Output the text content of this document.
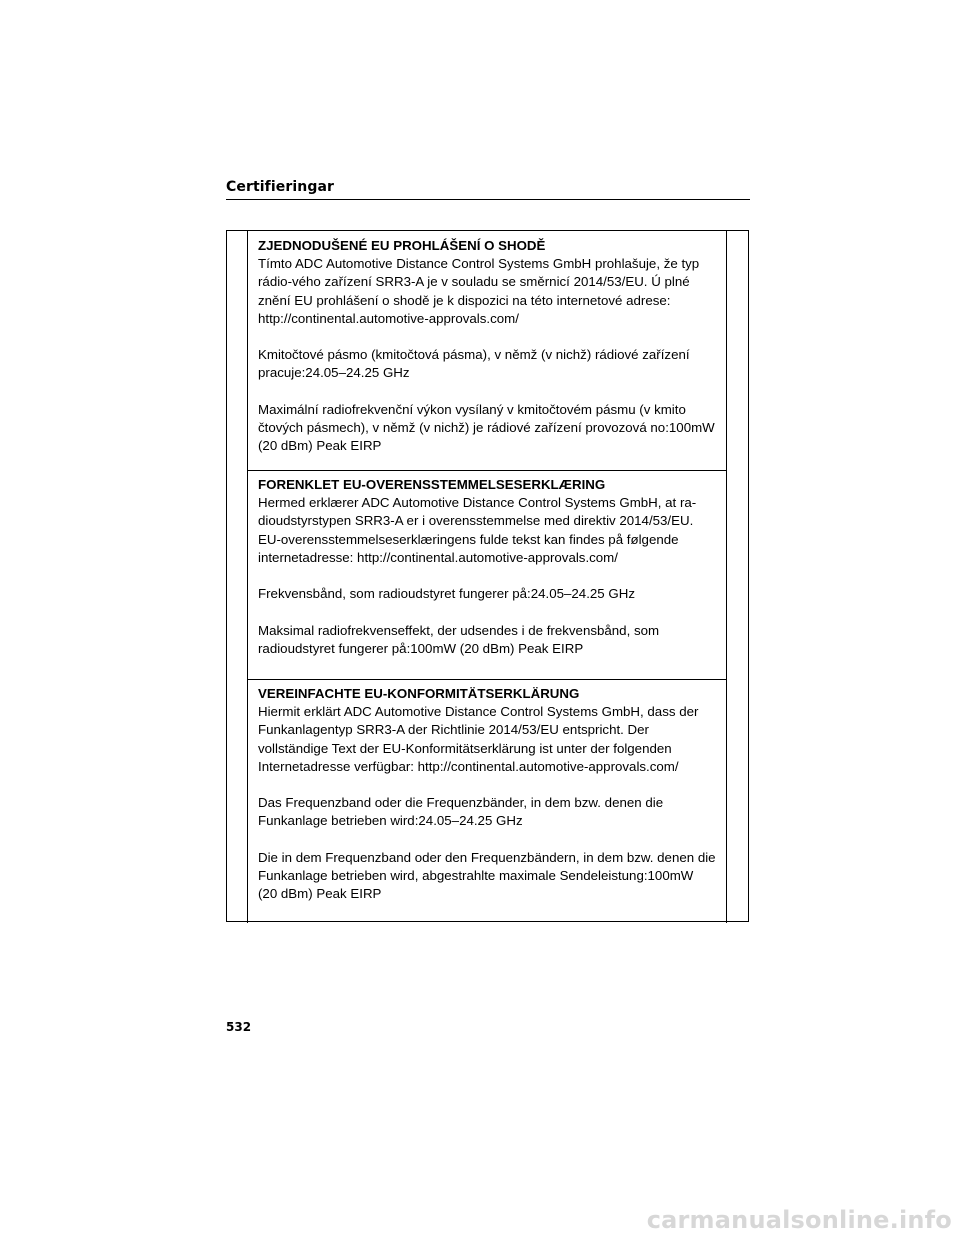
Certifieringar
ZJEDNODUŠENÉ EU PROHLÁŠENÍ O SHODĚ

Tímto ADC Automotive Distance Control Systems GmbH prohlašuje, že typ rádio-vého zařízení SRR3-A je v souladu se směrnicí 2014/53/EU. Ú plné znění EU prohlášení o shodě je k dispozici na této internetové adrese: http://continental.automotive-approvals.com/

Kmitočtové pásmo (kmitočtová pásma), v němž (v nichž) rádiové zařízení pracuje:24.05–24.25 GHz

Maximální radiofrekvenční výkon vysílaný v kmitočtovém pásmu (v kmito čtových pásmech), v němž (v nichž) je rádiové zařízení provozová no:100mW (20 dBm) Peak EIRP

FORENKLET EU-OVERENSSTEMMELSESERKLÆRING

Hermed erklærer ADC Automotive Distance Control Systems GmbH, at ra-dioudstyrstypen SRR3-A er i overensstemmelse med direktiv 2014/53/EU. EU-overensstemmelseserklæringens fulde tekst kan findes på følgende internetadresse: http://continental.automotive-approvals.com/

Frekvensbånd, som radioudstyret fungerer på:24.05–24.25 GHz

Maksimal radiofrekvenseffekt, der udsendes i de frekvensbånd, som radioudstyret fungerer på:100mW (20 dBm) Peak EIRP

VEREINFACHTE EU-KONFORMITÄTSERKLÄRUNG

Hiermit erklärt ADC Automotive Distance Control Systems GmbH, dass der Funkanlagentyp SRR3-A der Richtlinie 2014/53/EU entspricht. Der vollständige Text der EU-Konformitätserklärung ist unter der folgenden Internetadresse verfügbar: http://continental.automotive-approvals.com/

Das Frequenzband oder die Frequenzbänder, in dem bzw. denen die Funkanlage betrieben wird:24.05–24.25 GHz

Die in dem Frequenzband oder den Frequenzbändern, in dem bzw. denen die Funkanlage betrieben wird, abgestrahlte maximale Sendeleistung:100mW (20 dBm) Peak EIRP

532
carmanualsonline.info
